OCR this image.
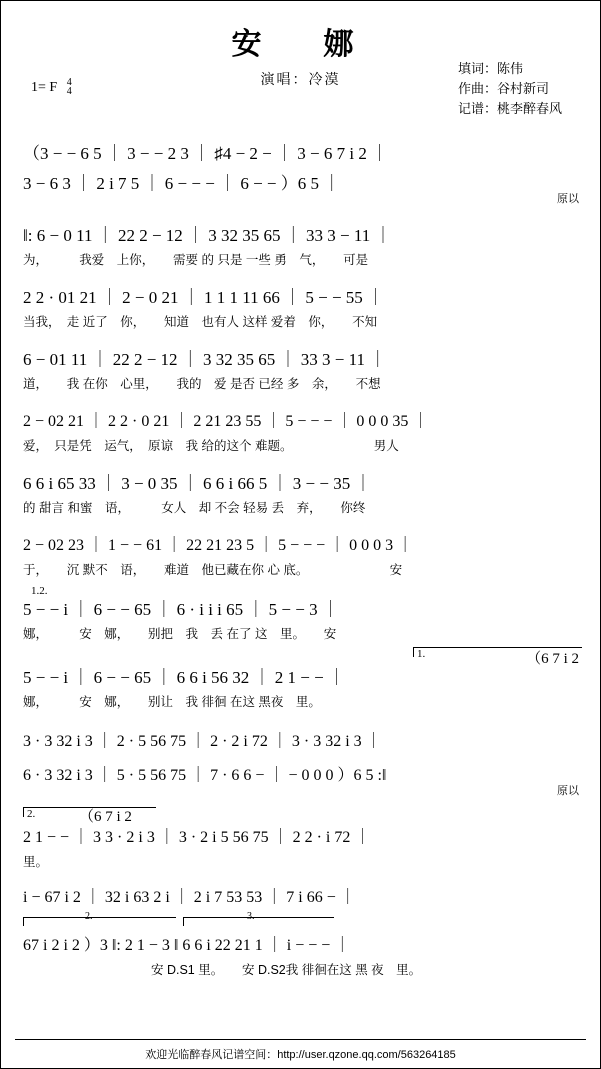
安　娜
演唱：冷漠
填词：陈伟
作曲：谷村新司
记谱：桃李醉春风
1= F 4
4
（3 − − 6 5 ｜ 3 − − 2 3 ｜ ♯4 − 2 − ｜ 3 − 6 7 i 2 ｜
3 − 6 3 ｜ 2 i 7 5 ｜ 6 − − − ｜ 6 − − ）6 5 ｜
原以
‖: 6 − 0 11 ｜ 22 2 − 12 ｜ 3 32 35 65 ｜ 33 3 − 11 ｜
为，　　　我爱　上你，　　需要 的 只是 一些 勇　气，　　可是
2 2 · 01 21 ｜ 2 − 0 21 ｜ 1 1 1 11 66 ｜ 5 − − 55 ｜
当我，　走 近了　你，　　知道　也有人 这样 爱着　你，　　不知
6 − 01 11 ｜ 22 2 − 12 ｜ 3 32 35 65 ｜ 33 3 − 11 ｜
道，　　我 在你　心里，　　我的　爱 是否 已经 多　余，　　不想
2 − 02 21 ｜ 2 2 · 0 21 ｜ 2 21 23 55 ｜ 5 − − − ｜ 0 0 0 35 ｜
爱，　只是凭　运气，　原谅　我 给的这个 难题。　　　　　　　男人
6 6 i 65 33 ｜ 3 − 0 35 ｜ 6 6 i 66 5 ｜ 3 − − 35 ｜
的 甜言 和蜜　语，　　　女人　却 不会 轻易 丢　弃，　　你终
2 − 02 23 ｜ 1 − − 61 ｜ 22 21 23 5 ｜ 5 − − − ｜ 0 0 0 3 ｜
于，　　沉 默不　语，　　难道　他已藏在你 心 底。　　　　　　　安
1.2.
5 − − i ｜ 6 − − 65 ｜ 6 · i i i 65 ｜ 5 − − 3 ｜
娜，　　　安　娜，　　别把　我　丢 在了 这　里。　　安
1.	（6 7 i 2
5 − − i ｜ 6 − − 65 ｜ 6 6 i 56 32 ｜ 2 1 − − ｜
娜，　　　安　娜，　　别让　我 徘徊 在这 黑夜　里。
3 · 3 32 i 3 ｜ 2 · 5 56 75 ｜ 2 · 2 i 72 ｜ 3 · 3 32 i 3 ｜
6 · 3 32 i 3 ｜ 5 · 5 56 75 ｜ 7 · 6 6 − ｜ − 0 0 0 ）6 5 :‖
原以
2.	（6 7 i 2
2 1 − − ｜ 3 3 · 2 i 3 ｜ 3 · 2 i 5 56 75 ｜ 2 2 · i 72 ｜
里。
i − 67 i 2 ｜ 32 i 63 2 i ｜ 2 i 7 53 53 ｜ 7 i 66 − ｜
2.	3.
67 i 2 i 2 ）3 ‖: 2 1 − 3 ‖ 6 6 i 22 21 1 ｜ i − − − ｜
安 D.S1 里。　　安 D.S2我 徘徊在这 黑 夜　里。
欢迎光临醉春风记谱空间：http://user.qzone.qq.com/563264185
